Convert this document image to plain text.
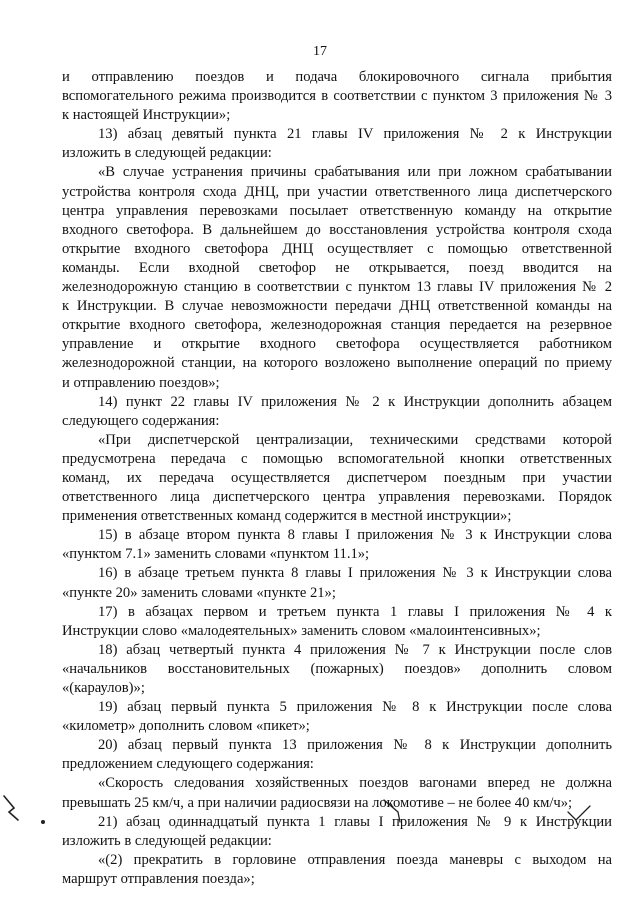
17
и отправлению поездов и подача блокировочного сигнала прибытия
вспомогательного режима производится в соответствии с пунктом 3 приложения № 3
к настоящей Инструкции»;
13) абзац девятый пункта 21 главы IV приложения № 2 к Инструкции
изложить в следующей редакции:
«В случае устранения причины срабатывания или при ложном срабатывании
устройства контроля схода ДНЦ, при участии ответственного лица диспетчерского
центра управления перевозками посылает ответственную команду на открытие
входного светофора. В дальнейшем до восстановления устройства контроля схода
открытие входного светофора ДНЦ осуществляет с помощью ответственной
команды. Если входной светофор не открывается, поезд вводится на
железнодорожную станцию в соответствии с пунктом 13 главы IV приложения № 2
к Инструкции. В случае невозможности передачи ДНЦ ответственной команды на
открытие входного светофора, железнодорожная станция передается на резервное
управление и открытие входного светофора осуществляется работником
железнодорожной станции, на которого возложено выполнение операций по приему
и отправлению поездов»;
14) пункт 22 главы IV приложения № 2 к Инструкции дополнить абзацем
следующего содержания:
«При диспетчерской централизации, техническими средствами которой
предусмотрена передача с помощью вспомогательной кнопки ответственных
команд, их передача осуществляется диспетчером поездным при участии
ответственного лица диспетчерского центра управления перевозками. Порядок
применения ответственных команд содержится в местной инструкции»;
15) в абзаце втором пункта 8 главы I приложения № 3 к Инструкции слова
«пунктом 7.1» заменить словами «пунктом 11.1»;
16) в абзаце третьем пункта 8 главы I приложения № 3 к Инструкции слова
«пункте 20» заменить словами «пункте 21»;
17) в абзацах первом и третьем пункта 1 главы I приложения № 4 к
Инструкции слово «малодеятельных» заменить словом «малоинтенсивных»;
18) абзац четвертый пункта 4 приложения № 7 к Инструкции после слов
«начальников восстановительных (пожарных) поездов» дополнить словом
«(караулов)»;
19) абзац первый пункта 5 приложения № 8 к Инструкции после слова
«километр» дополнить словом «пикет»;
20) абзац первый пункта 13 приложения № 8 к Инструкции дополнить
предложением следующего содержания:
«Скорость следования хозяйственных поездов вагонами вперед не должна
превышать 25 км/ч, а при наличии радиосвязи на локомотиве – не более 40 км/ч»;
21) абзац одиннадцатый пункта 1 главы I приложения № 9 к Инструкции
изложить в следующей редакции:
«(2) прекратить в горловине отправления поезда маневры с выходом на
маршрут отправления поезда»;
